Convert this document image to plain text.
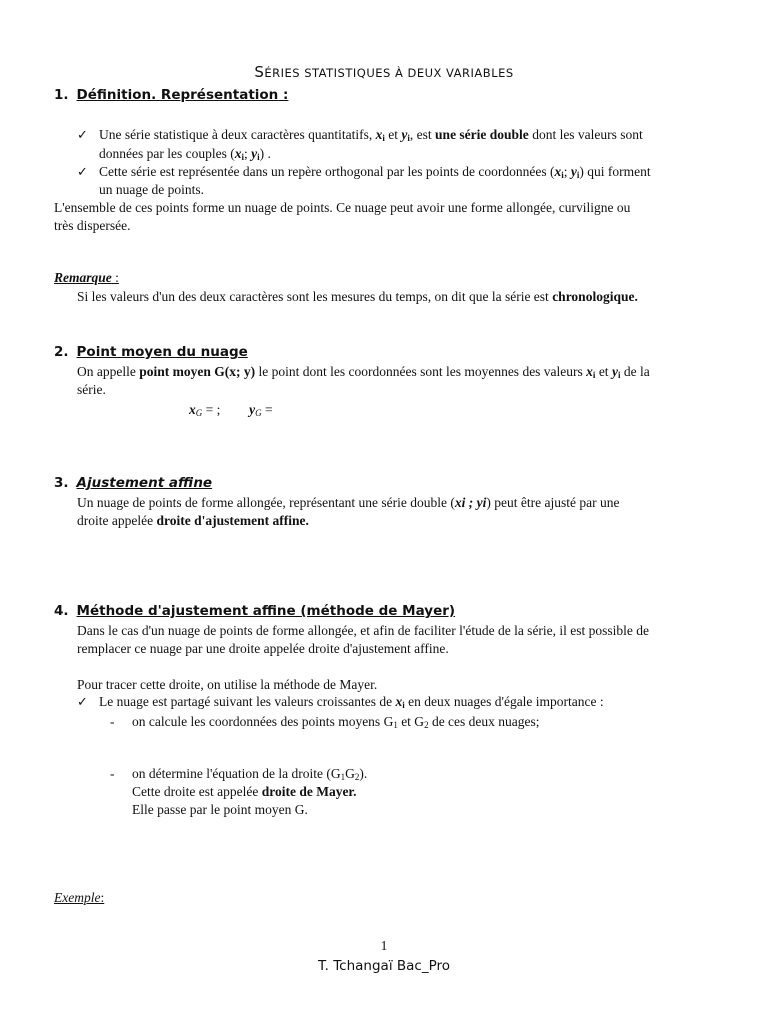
SÉRIES STATISTIQUES À DEUX VARIABLES
1. Définition. Représentation :
✓ Une série statistique à deux caractères quantitatifs, $x_i$ et $y_i$, est une série double dont les valeurs sont
données par les couples ($x_i$; $y_i$) .
✓ Cette série est représentée dans un repère orthogonal par les points de coordonnées ($x_i$; $y_i$) qui forment
un nuage de points.
L'ensemble de ces points forme un nuage de points. Ce nuage peut avoir une forme allongée, curviligne ou
très dispersée.
Remarque :
Si les valeurs d'un des deux caractères sont les mesures du temps, on dit que la série est chronologique.
2. Point moyen du nuage
On appelle point moyen G(x; y) le point dont les coordonnées sont les moyennes des valeurs $x_i$ et $y_i$ de la
série.
$x_G$ = ; $y_G$ =
3. Ajustement affine
Un nuage de points de forme allongée, représentant une série double (xi ; yi) peut être ajusté par une
droite appelée droite d'ajustement affine.
4. Méthode d'ajustement affine (méthode de Mayer)
Dans le cas d'un nuage de points de forme allongée, et afin de faciliter l'étude de la série, il est possible de
remplacer ce nuage par une droite appelée droite d'ajustement affine.
Pour tracer cette droite, on utilise la méthode de Mayer.
✓ Le nuage est partagé suivant les valeurs croissantes de $x_i$ en deux nuages d'égale importance :
- on calcule les coordonnées des points moyens $G_1$ et $G_2$ de ces deux nuages;
- on détermine l'équation de la droite $(G_1G_2)$.
Cette droite est appelée droite de Mayer.
Elle passe par le point moyen G.
Exemple:
1
T. Tchangaï Bac_Pro
